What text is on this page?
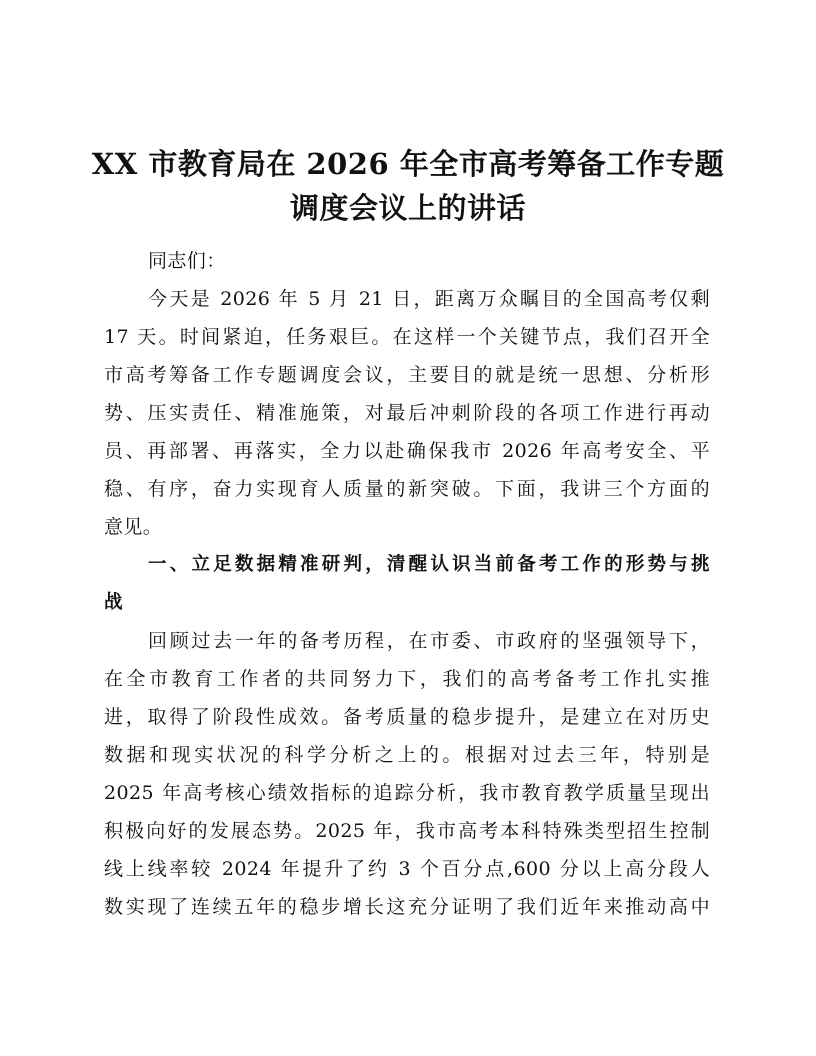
XX 市教育局在 2026 年全市高考筹备工作专题
调度会议上的讲话

同志们：

今天是 2026 年 5 月 21 日，距离万众瞩目的全国高考仅剩
17 天。时间紧迫，任务艰巨。在这样一个关键节点，我们召开全
市高考筹备工作专题调度会议，主要目的就是统一思想、分析形
势、压实责任、精准施策，对最后冲刺阶段的各项工作进行再动
员、再部署、再落实，全力以赴确保我市 2026 年高考安全、平
稳、有序，奋力实现育人质量的新突破。下面，我讲三个方面的
意见。

一、立足数据精准研判，清醒认识当前备考工作的形势与挑
战

回顾过去一年的备考历程，在市委、市政府的坚强领导下，
在全市教育工作者的共同努力下，我们的高考备考工作扎实推
进，取得了阶段性成效。备考质量的稳步提升，是建立在对历史
数据和现实状况的科学分析之上的。根据对过去三年，特别是
2025 年高考核心绩效指标的追踪分析，我市教育教学质量呈现出
积极向好的发展态势。2025 年，我市高考本科特殊类型招生控制
线上线率较 2024 年提升了约 3 个百分点,600 分以上高分段人
数实现了连续五年的稳步增长这充分证明了我们近年来推动高中
